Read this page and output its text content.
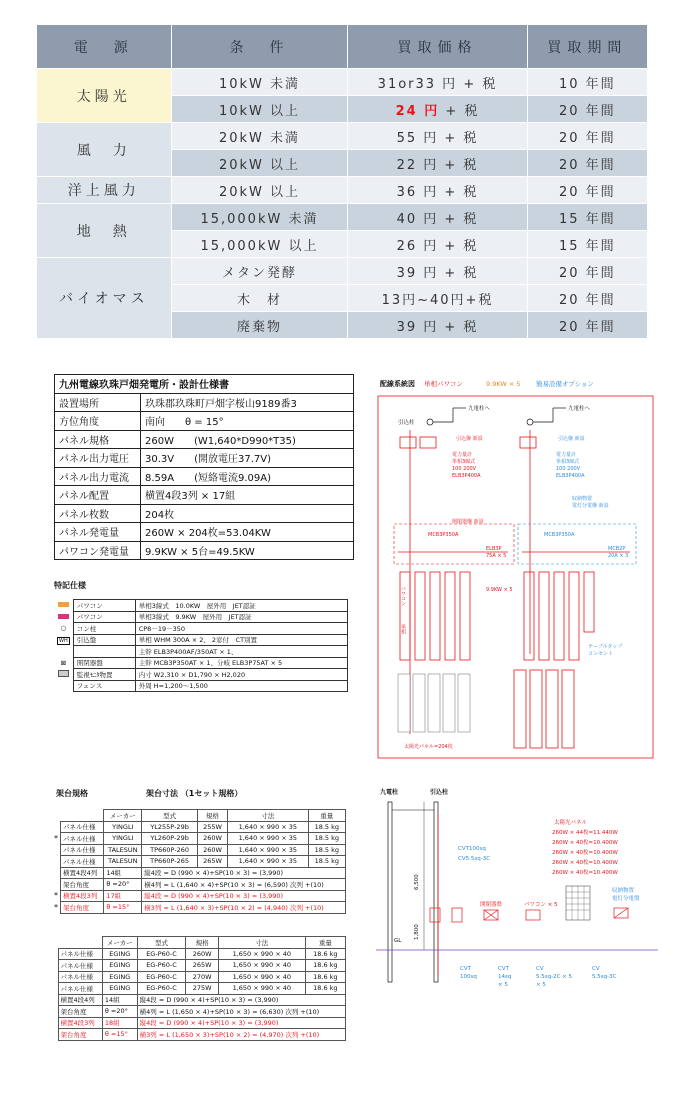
電　源	条　件	買取価格	買取期間
太陽光	10kW 未満	31or33 円 + 税	10 年間
	10kW 以上	24 円 + 税	20 年間
風　力	20kW 未満	55 円 + 税	20 年間
	20kW 以上	22 円 + 税	20 年間
洋上風力	20kW 以上	36 円 + 税	20 年間
地　熱	15,000kW 未満	40 円 + 税	15 年間
	15,000kW 以上	26 円 + 税	15 年間
バイオマス	メタン発酵	39 円 + 税	20 年間
	木　材	13円~40円+税	20 年間
	廃棄物	39 円 + 税	20 年間
九州電線玖珠戸畑発電所・設計仕様書	
設置場所	玖珠郡玖珠町戸畑字桜山9189番3
方位角度	南向　　θ = 15°
パネル規格	260W　　(W1,640*D990*T35)
パネル出力電圧	30.3V　　(開放電圧37.7V)
パネル出力電流	8.59A　　(短絡電流9.09A)
パネル配置	横置4段3列 × 17組
パネル枚数	204枚
パネル発電量	260W × 204枚=53.04KW
パワコン発電量	9.9KW × 5台=49.5KW
特記仕様
	パワコン	単相3線式　10.0KW　屋外用　JET認証
	パワコン	単相3線式　9.9KW　屋外用　JET認証
○	コン柱	CP8－19－350
WH	引込盤	単相 WHM 300A × 2、 2窓付　CT別置
		主幹 ELB3P400AF/350AT × 1、
⊠	開閉器盤	主幹 MCB3P350AT × 1、分岐 ELB3P75AT × 5
	監視ﾓﾆﾀ物置	内寸 W2,310 × D1,790 × H2,020
	フェンス	外周 H=1,200～1,500
配線系統図 単相パワコン	9.9KW × 5 簡易設備オプション
引込柱
九電柱へ
引込盤 新設
電力量計
単相3線式
100 200V
ELB3P400A
開閉器盤 新設
MCB3P350A
ELB3P
75A × 5
9.9KW × 5
パワコン
単相
太陽光パネル=204枚
九電柱へ
引込盤 新設
電力量計
単相3線式
100 200V
ELB3P400A
収納物置
電灯分電盤 新設
MCB3P350A
MCB2P
20A × 3
テーブルタップ
コンセント
架台規格	架台寸法 （1セット規格）
		メーカー	型式	規格	寸法	重量
	パネル仕様	YINGLI	YL255P-29b	255W	1,640 × 990 × 35	18.5 kg
*	パネル仕様	YINGLI	YL260P-29b	260W	1,640 × 990 × 35	18.5 kg
	パネル仕様	TALESUN	TP660P-260	260W	1,640 × 990 × 35	18.5 kg
	パネル仕様	TALESUN	TP660P-265	265W	1,640 × 990 × 35	18.5 kg
	横置4段4列	14組	縦4段 = D (990 × 4)+SP(10 × 3) = (3,990)			
	架台角度	θ =20°	横4列 = L (1,640 × 4)+SP(10 × 3) = (6,590) 次列 +(10)			
*	横置4段3列	17組	縦4段 = D (990 × 4)+SP(10 × 3) = (3,990)			
*	架台角度	θ =15°	横3列 = L (1,640 × 3)+SP(10 × 2) = (4,940) 次列 +(10)			
		メーカー	型式	規格	寸法	重量
	パネル仕様	EGING	EG-P60-C	260W	1,650 × 990 × 40	18.6 kg
	パネル仕様	EGING	EG-P60-C	265W	1,650 × 990 × 40	18.6 kg
	パネル仕様	EGING	EG-P60-C	270W	1,650 × 990 × 40	18.6 kg
	パネル仕様	EGING	EG-P60-C	275W	1,650 × 990 × 40	18.6 kg
	横置4段4列	14組	縦4段 = D (990 × 4)+SP(10 × 3) = (3,990)			
	架台角度	θ =20°	横4列 = L (1,650 × 4)+SP(10 × 3) = (6,630) 次列 +(10)			
	横置4段3列	18組	縦4段 = D (990 × 4)+SP(10 × 3) = (3,990)			
	架台角度	θ =15°	横3列 = L (1,650 × 3)+SP(10 × 2) = (4,970) 次列 +(10)			
九電柱	引込柱
CVT100sq
CV5.5sq-3C
6,500
1,800
GL
開閉器盤	パワコン × 5
太陽光パネル
260W × 44枚=11.440W
260W × 40枚=10.400W
260W × 40枚=10.400W
260W × 40枚=10.400W
260W × 40枚=10.400W
収納物置
電灯分電盤
CVT
100sq
CVT
14sq
× 5
CV
5.5sq-2C × 5
× 5
CV
5.5sq-3C
